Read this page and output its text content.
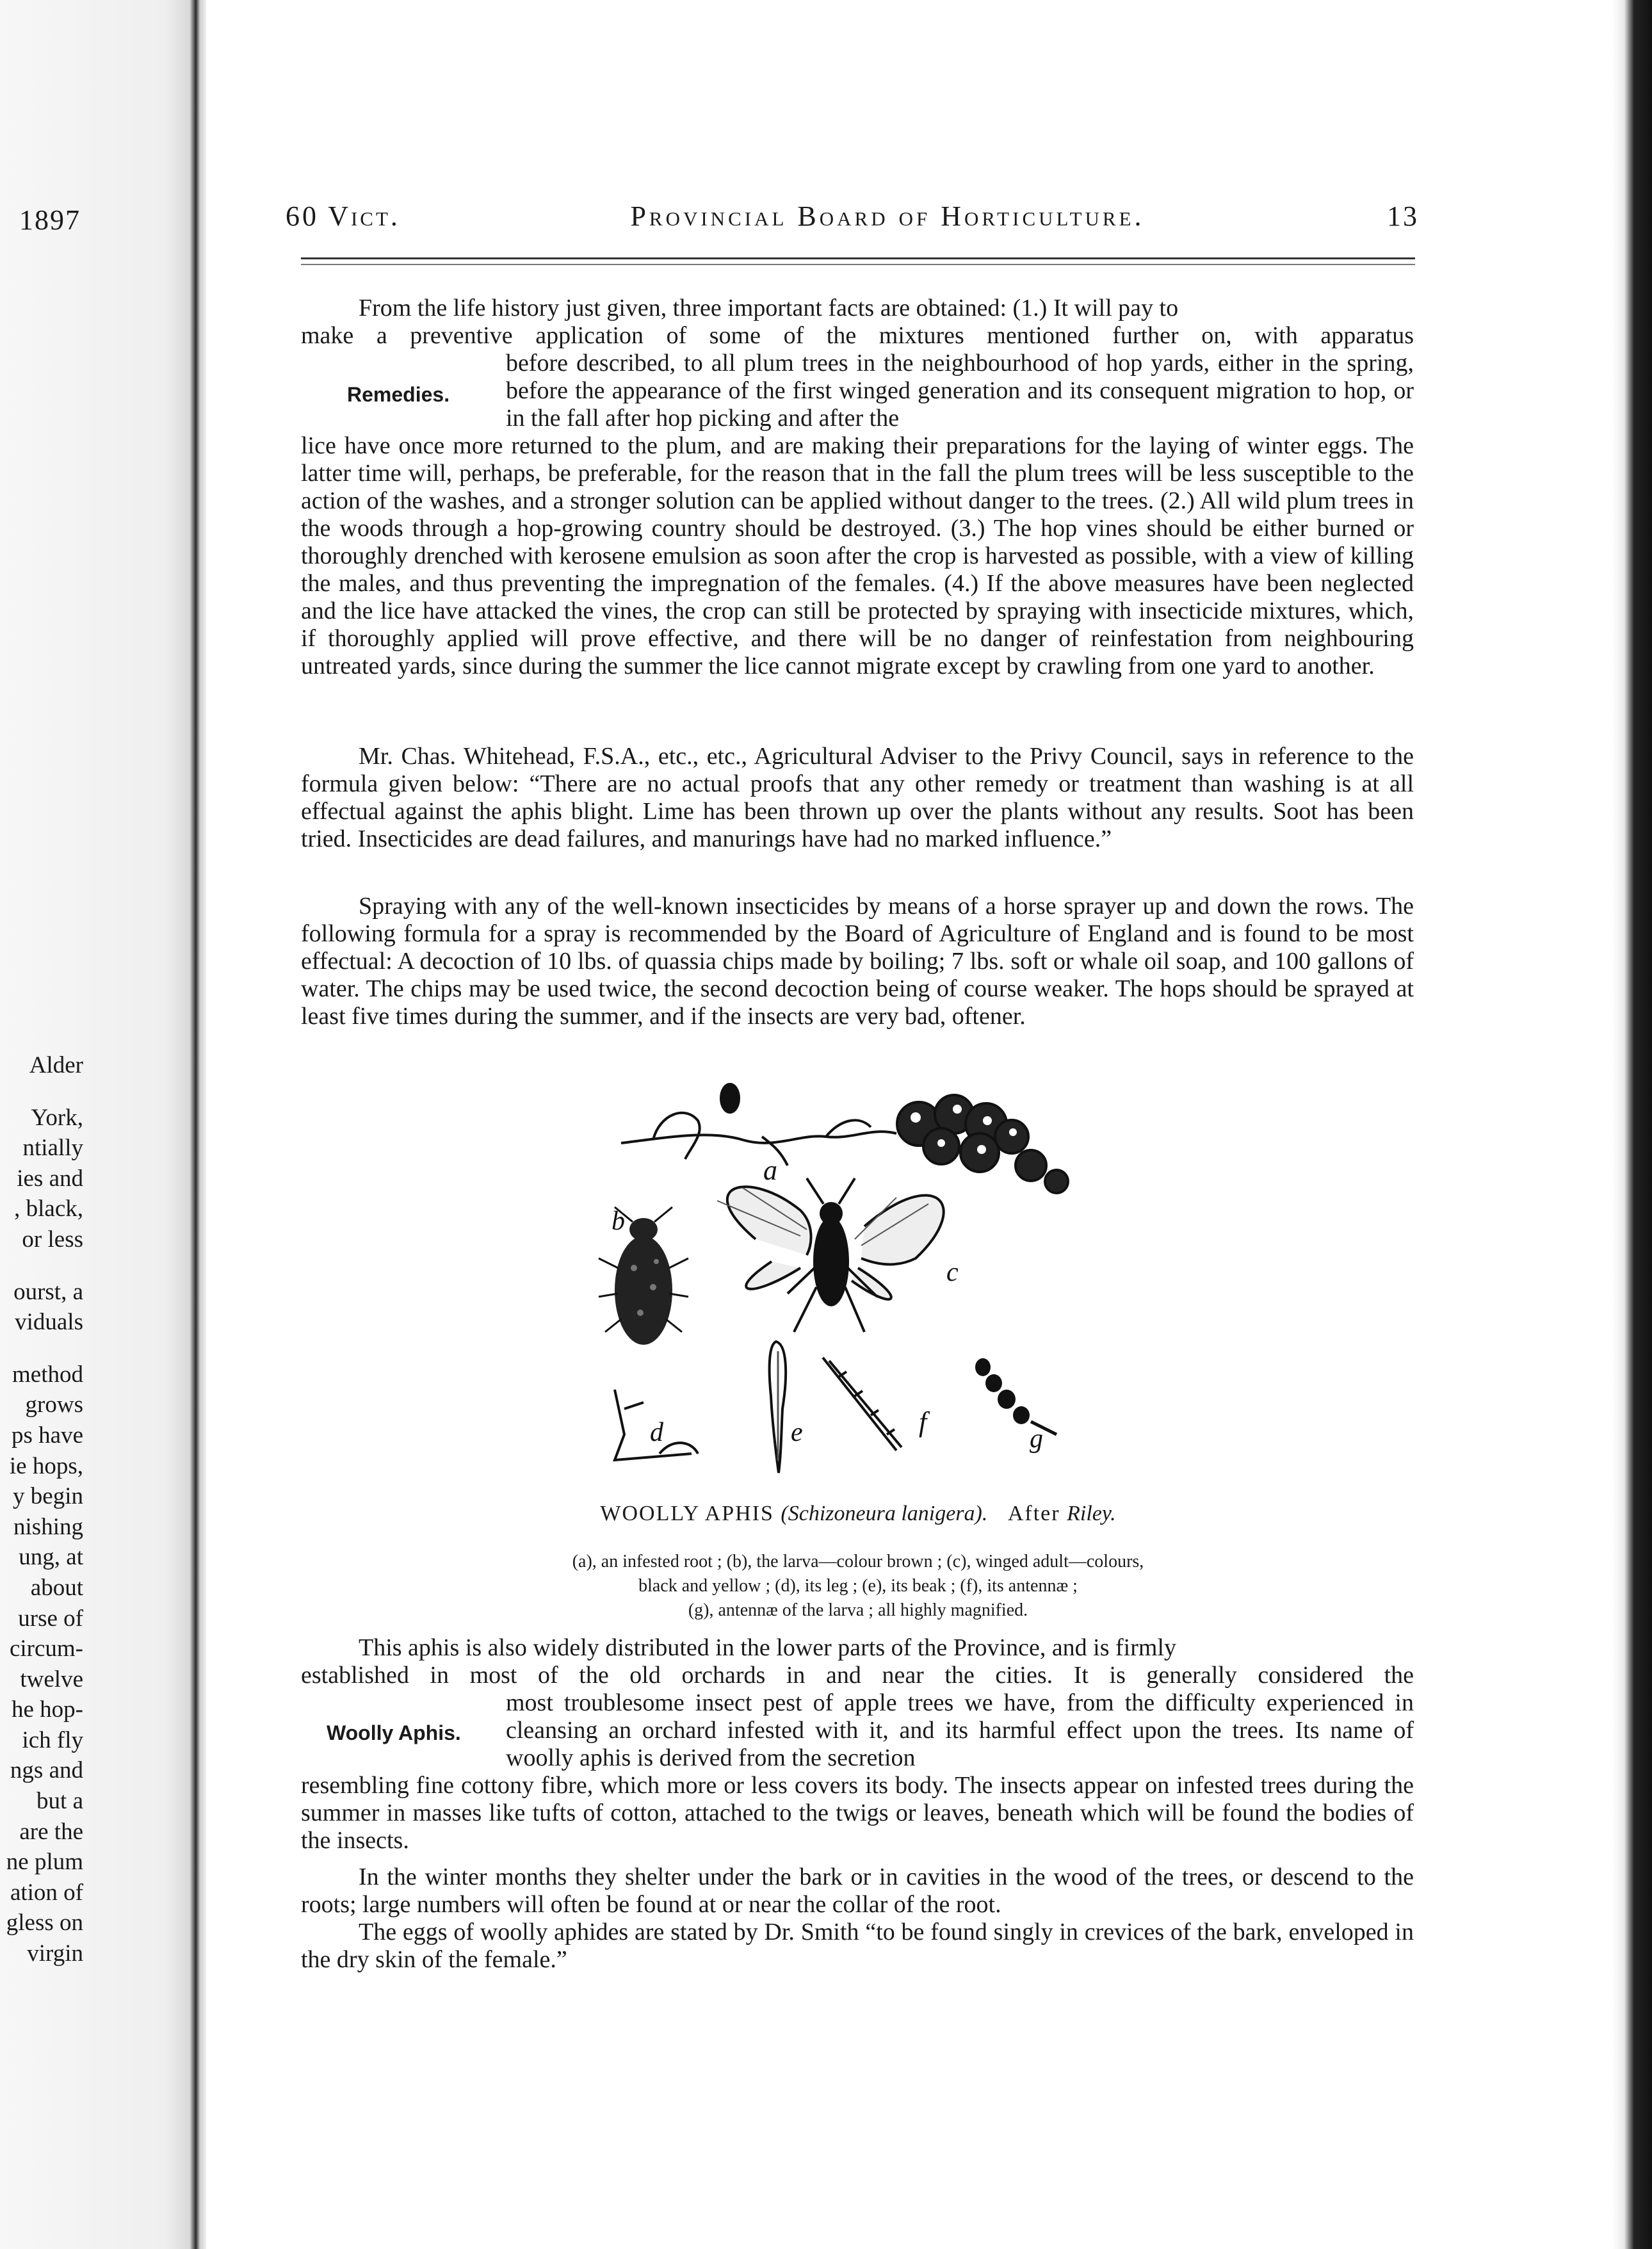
1897
Alder
York,
ntially
ies and
, black,
or less
ourst, a
viduals
method
grows
ps have
ie hops,
y begin
nishing
ung, at
about
urse of
circum-
twelve
he hop-
ich fly
ngs and
but a
are the
ne plum
ation of
gless on
virgin
60 Vict.	Provincial Board of Horticulture.	13
Remedies.

From the life history just given, three important facts are obtained: (1.) It will pay to

make a preventive application of some of the mixtures mentioned further on, with apparatus
before described, to all plum trees in the neighbourhood of hop yards, either in the spring, before the appearance of the first winged generation and its consequent migration to hop, or in the fall after hop picking and after the
lice have once more returned to the plum, and are making their preparations for the laying of winter eggs. The latter time will, perhaps, be preferable, for the reason that in the fall the plum trees will be less susceptible to the action of the washes, and a stronger solution can be applied without danger to the trees. (2.) All wild plum trees in the woods through a hop-growing country should be destroyed. (3.) The hop vines should be either burned or thoroughly drenched with kerosene emulsion as soon after the crop is harvested as possible, with a view of killing the males, and thus preventing the impregnation of the females. (4.) If the above measures have been neglected and the lice have attacked the vines, the crop can still be protected by spraying with insecticide mixtures, which, if thoroughly applied will prove effective, and there will be no danger of reinfestation from neighbouring untreated yards, since during the summer the lice cannot migrate except by crawling from one yard to another.

Mr. Chas. Whitehead, F.S.A., etc., etc., Agricultural Adviser to the Privy Council, says in reference to the formula given below: “There are no actual proofs that any other remedy or treatment than washing is at all effectual against the aphis blight. Lime has been thrown up over the plants without any results. Soot has been tried. Insecticides are dead failures, and manurings have had no marked influence.”

Spraying with any of the well-known insecticides by means of a horse sprayer up and down the rows. The following formula for a spray is recommended by the Board of Agriculture of England and is found to be most effectual: A decoction of 10 lbs. of quassia chips made by boiling; 7 lbs. soft or whale oil soap, and 100 gallons of water. The chips may be used twice, the second decoction being of course weaker. The hops should be sprayed at least five times during the summer, and if the insects are very bad, oftener.

a
b
c
d	e	f
g
WOOLLY APHIS (Schizoneura lanigera). After Riley.
(a), an infested root ; (b), the larva—colour brown ; (c), winged adult—colours,
black and yellow ; (d), its leg ; (e), its beak ; (f), its antennæ ;
(g), antennæ of the larva ; all highly magnified.
Woolly Aphis.

This aphis is also widely distributed in the lower parts of the Province, and is firmly

established in most of the old orchards in and near the cities. It is generally considered the
most troublesome insect pest of apple trees we have, from the difficulty experienced in cleansing an orchard infested with it, and its harmful effect upon the trees. Its name of woolly aphis is derived from the secretion
resembling fine cottony fibre, which more or less covers its body. The insects appear on infested trees during the summer in masses like tufts of cotton, attached to the twigs or leaves, beneath which will be found the bodies of the insects.

In the winter months they shelter under the bark or in cavities in the wood of the trees, or descend to the roots; large numbers will often be found at or near the collar of the root.

The eggs of woolly aphides are stated by Dr. Smith “to be found singly in crevices of the bark, enveloped in the dry skin of the female.”
